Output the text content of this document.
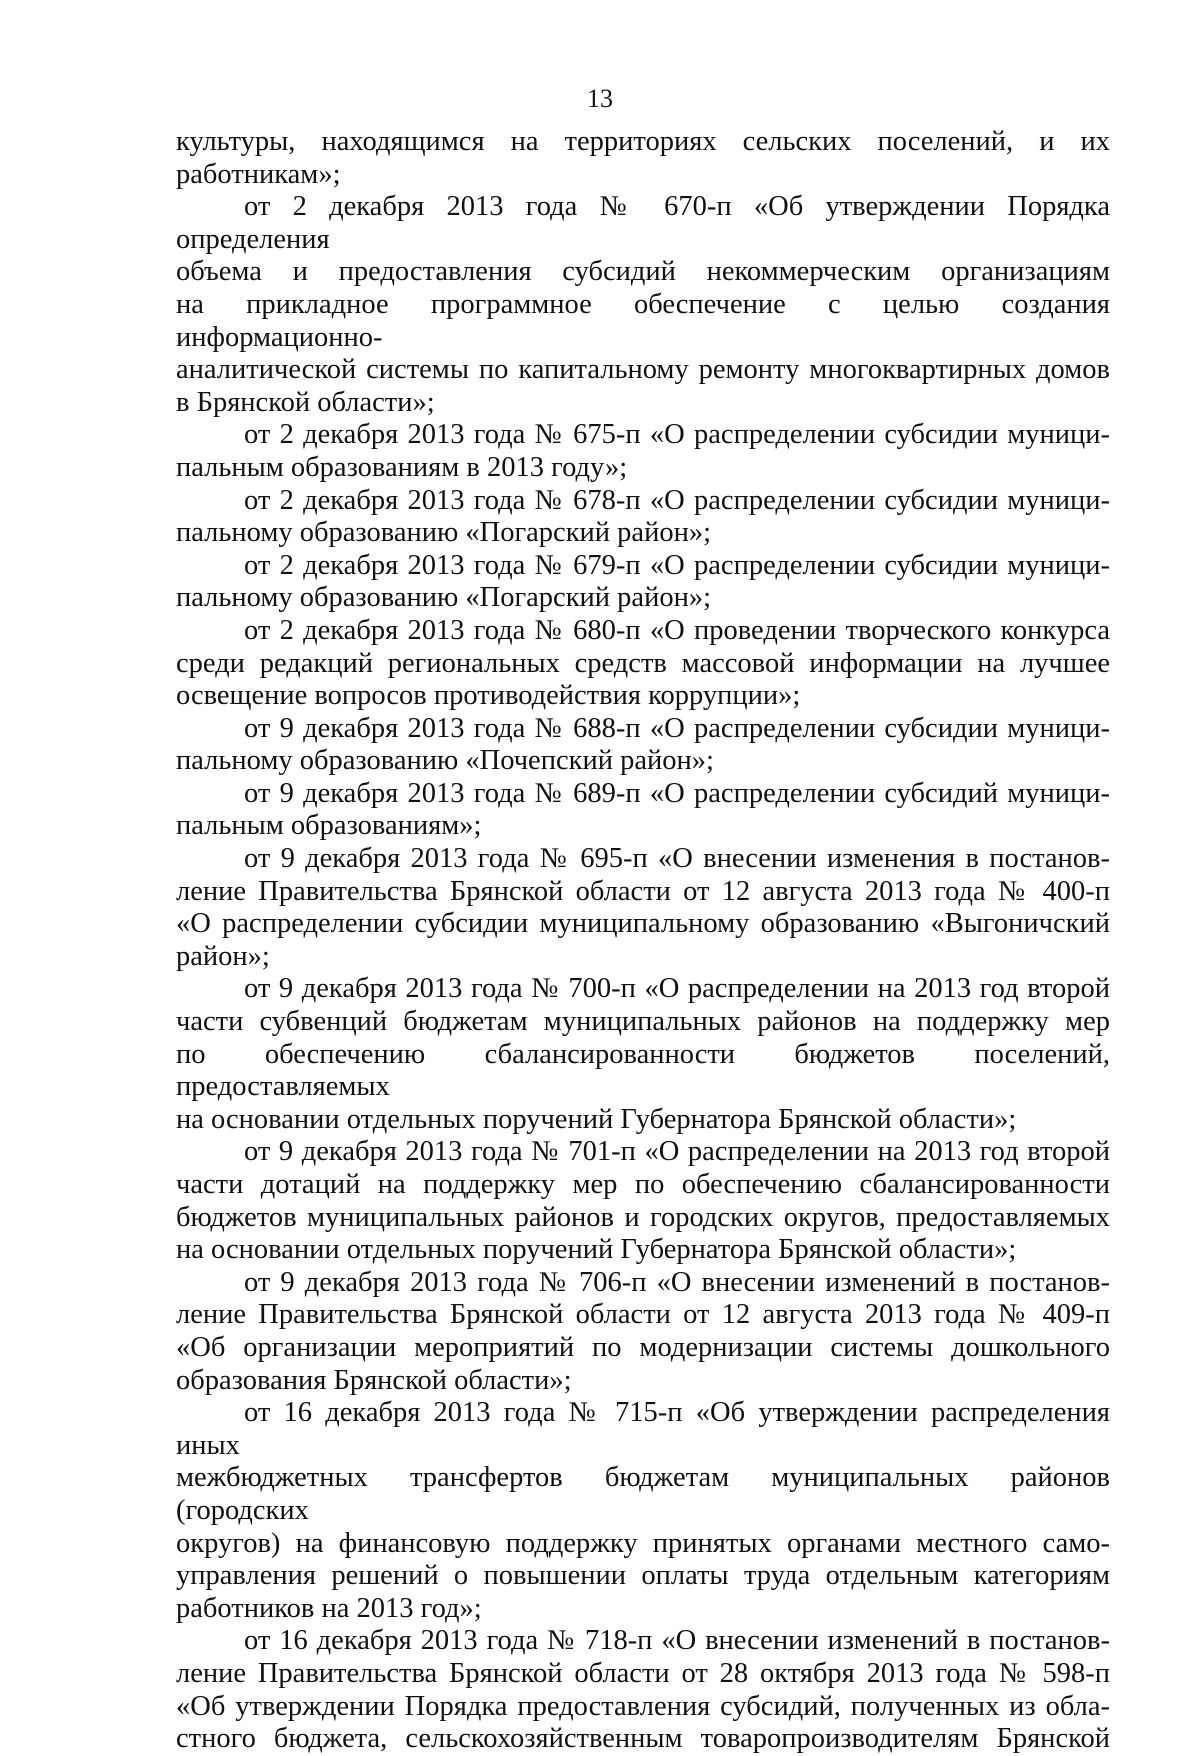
13

культуры, находящимся на территориях сельских поселений, и их
работникам»;

от 2 декабря 2013 года № 670-п «Об утверждении Порядка определения
объема и предоставления субсидий некоммерческим организациям
на прикладное программное обеспечение с целью создания информационно-
аналитической системы по капитальному ремонту многоквартирных домов
в Брянской области»;

от 2 декабря 2013 года № 675-п «О распределении субсидии муници-
пальным образованиям в 2013 году»;

от 2 декабря 2013 года № 678-п «О распределении субсидии муници-
пальному образованию «Погарский район»;

от 2 декабря 2013 года № 679-п «О распределении субсидии муници-
пальному образованию «Погарский район»;

от 2 декабря 2013 года № 680-п «О проведении творческого конкурса
среди редакций региональных средств массовой информации на лучшее
освещение вопросов противодействия коррупции»;

от 9 декабря 2013 года № 688-п «О распределении субсидии муници-
пальному образованию «Почепский район»;

от 9 декабря 2013 года № 689-п «О распределении субсидий муници-
пальным образованиям»;

от 9 декабря 2013 года № 695-п «О внесении изменения в постанов-
ление Правительства Брянской области от 12 августа 2013 года № 400-п
«О распределении субсидии муниципальному образованию «Выгоничский
район»;

от 9 декабря 2013 года № 700-п «О распределении на 2013 год второй
части субвенций бюджетам муниципальных районов на поддержку мер
по обеспечению сбалансированности бюджетов поселений, предоставляемых
на основании отдельных поручений Губернатора Брянской области»;

от 9 декабря 2013 года № 701-п «О распределении на 2013 год второй
части дотаций на поддержку мер по обеспечению сбалансированности
бюджетов муниципальных районов и городских округов, предоставляемых
на основании отдельных поручений Губернатора Брянской области»;

от 9 декабря 2013 года № 706-п «О внесении изменений в постанов-
ление Правительства Брянской области от 12 августа 2013 года № 409-п
«Об организации мероприятий по модернизации системы дошкольного
образования Брянской области»;

от 16 декабря 2013 года № 715-п «Об утверждении распределения иных
межбюджетных трансфертов бюджетам муниципальных районов (городских
округов) на финансовую поддержку принятых органами местного само-
управления решений о повышении оплаты труда отдельным категориям
работников на 2013 год»;

от 16 декабря 2013 года № 718-п «О внесении изменений в постанов-
ление Правительства Брянской области от 28 октября 2013 года № 598-п
«Об утверждении Порядка предоставления субсидий, полученных из обла-
стного бюджета, сельскохозяйственным товаропроизводителям Брянской
